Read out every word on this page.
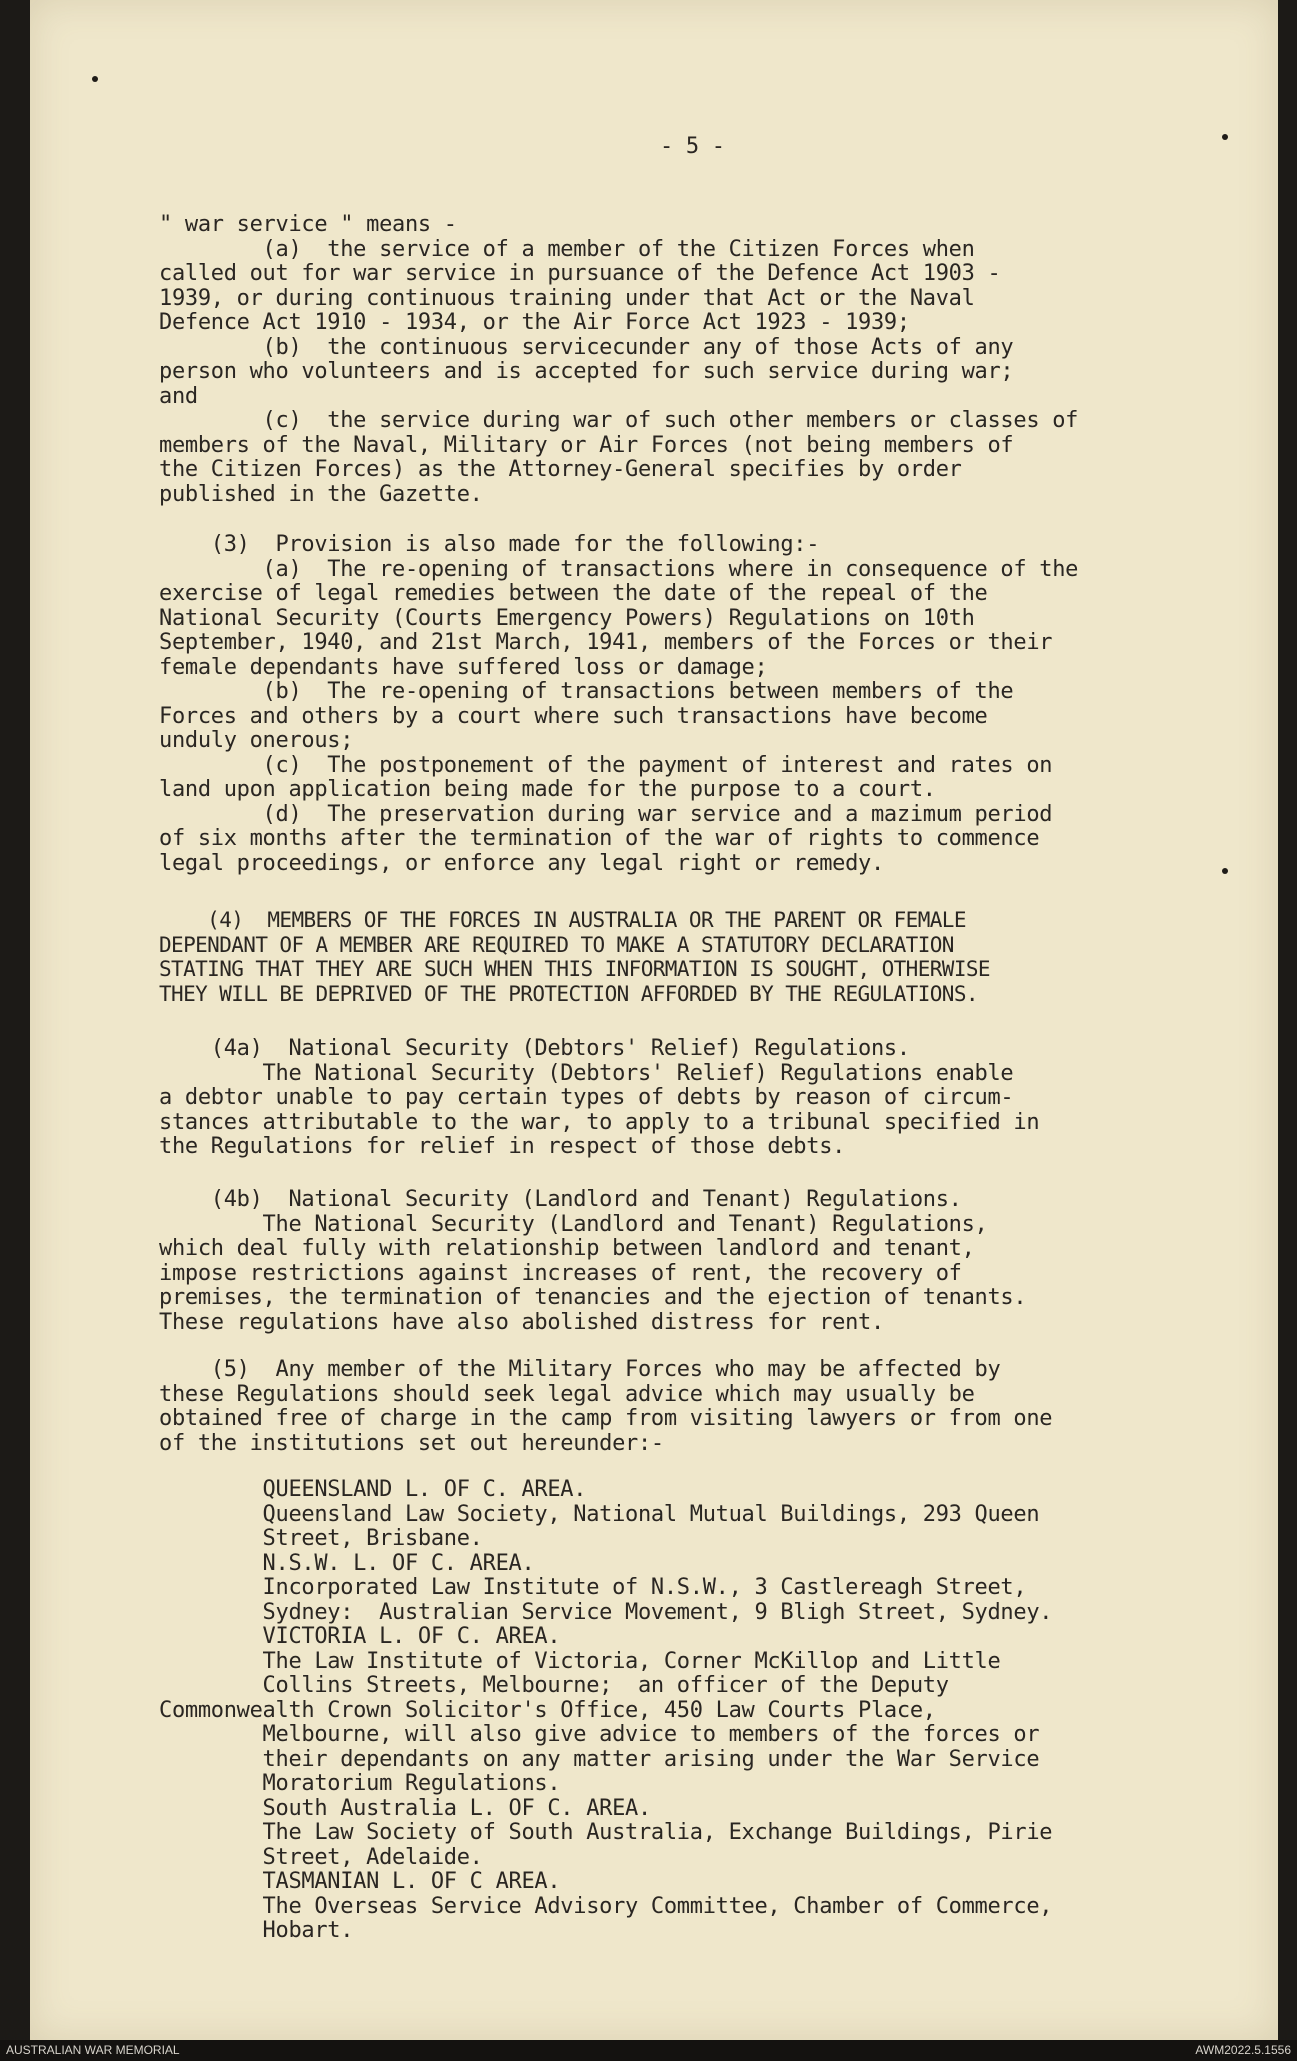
- 5 -
" war service " means -
(a)  the service of a member of the Citizen Forces when
called out for war service in pursuance of the Defence Act 1903 -
1939, or during continuous training under that Act or the Naval
Defence Act 1910 - 1934, or the Air Force Act 1923 - 1939;
(b)  the continuous servicecunder any of those Acts of any
person who volunteers and is accepted for such service during war;
and
(c)  the service during war of such other members or classes of
members of the Naval, Military or Air Forces (not being members of
the Citizen Forces) as the Attorney-General specifies by order
published in the Gazette.
(3)  Provision is also made for the following:-
(a)  The re-opening of transactions where in consequence of the
exercise of legal remedies between the date of the repeal of the
National Security (Courts Emergency Powers) Regulations on 10th
September, 1940, and 21st March, 1941, members of the Forces or their
female dependants have suffered loss or damage;
(b)  The re-opening of transactions between members of the
Forces and others by a court where such transactions have become
unduly onerous;
(c)  The postponement of the payment of interest and rates on
land upon application being made for the purpose to a court.
(d)  The preservation during war service and a mazimum period
of six months after the termination of the war of rights to commence
legal proceedings, or enforce any legal right or remedy.
(4)  MEMBERS OF THE FORCES IN AUSTRALIA OR THE PARENT OR FEMALE
DEPENDANT OF A MEMBER ARE REQUIRED TO MAKE A STATUTORY DECLARATION
STATING THAT THEY ARE SUCH WHEN THIS INFORMATION IS SOUGHT, OTHERWISE
THEY WILL BE DEPRIVED OF THE PROTECTION AFFORDED BY THE REGULATIONS.
(4a)  National Security (Debtors' Relief) Regulations.
The National Security (Debtors' Relief) Regulations enable
a debtor unable to pay certain types of debts by reason of circum-
stances attributable to the war, to apply to a tribunal specified in
the Regulations for relief in respect of those debts.
(4b)  National Security (Landlord and Tenant) Regulations.
The National Security (Landlord and Tenant) Regulations,
which deal fully with relationship between landlord and tenant,
impose restrictions against increases of rent, the recovery of
premises, the termination of tenancies and the ejection of tenants.
These regulations have also abolished distress for rent.
(5)  Any member of the Military Forces who may be affected by
these Regulations should seek legal advice which may usually be
obtained free of charge in the camp from visiting lawyers or from one
of the institutions set out hereunder:-
QUEENSLAND L. OF C. AREA.
Queensland Law Society, National Mutual Buildings, 293 Queen
Street, Brisbane.
N.S.W. L. OF C. AREA.
Incorporated Law Institute of N.S.W., 3 Castlereagh Street,
Sydney:  Australian Service Movement, 9 Bligh Street, Sydney.
VICTORIA L. OF C. AREA.
The Law Institute of Victoria, Corner McKillop and Little
Collins Streets, Melbourne;  an officer of the Deputy
Commonwealth Crown Solicitor's Office, 450 Law Courts Place,
Melbourne, will also give advice to members of the forces or
their dependants on any matter arising under the War Service
Moratorium Regulations.
South Australia L. OF C. AREA.
The Law Society of South Australia, Exchange Buildings, Pirie
Street, Adelaide.
TASMANIAN L. OF C AREA.
The Overseas Service Advisory Committee, Chamber of Commerce,
Hobart.
AUSTRALIAN WAR MEMORIAL	AWM2022.5.1556
